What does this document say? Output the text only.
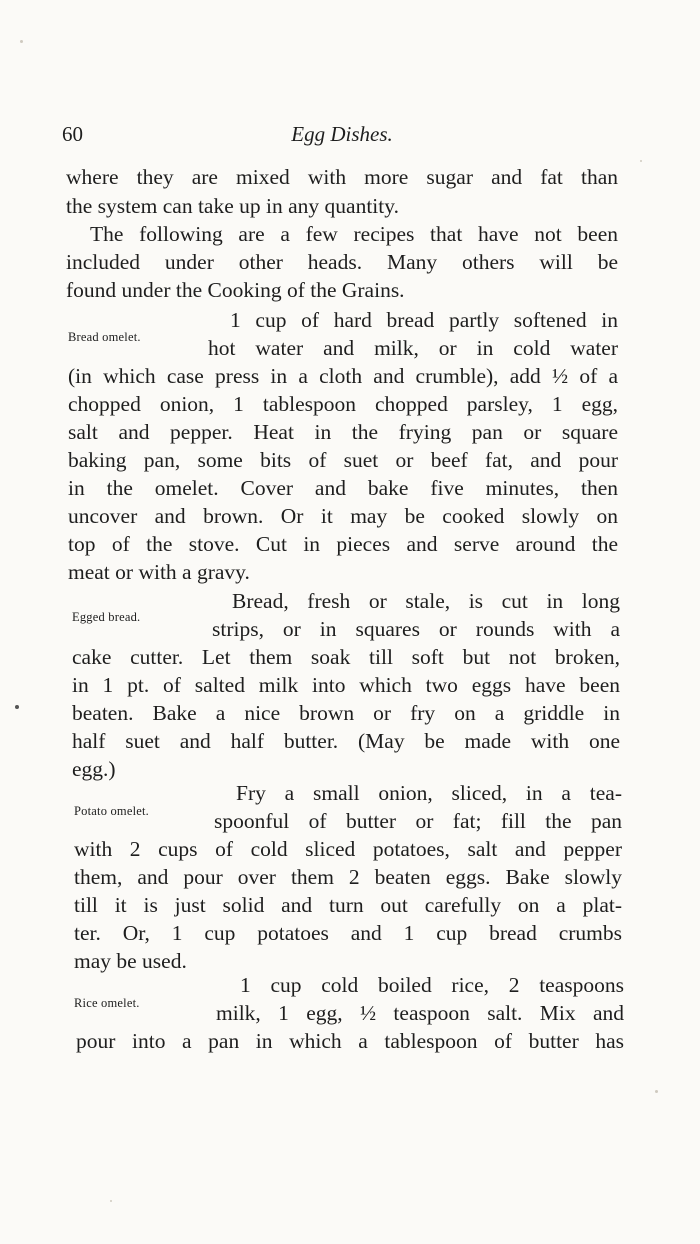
60	Egg Dishes.
where they are mixed with more sugar and fat than
the system can take up in any quantity.
The following are a few recipes that have not been
included under other heads. Many others will be
found under the Cooking of the Grains.
Bread omelet.
1 cup of hard bread partly softened in
hot water and milk, or in cold water
(in which case press in a cloth and crumble), add ½ of a
chopped onion, 1 tablespoon chopped parsley, 1 egg,
salt and pepper. Heat in the frying pan or square
baking pan, some bits of suet or beef fat, and pour
in the omelet. Cover and bake five minutes, then
uncover and brown. Or it may be cooked slowly on
top of the stove. Cut in pieces and serve around the
meat or with a gravy.
Egged bread.
Bread, fresh or stale, is cut in long
strips, or in squares or rounds with a
cake cutter. Let them soak till soft but not broken,
in 1 pt. of salted milk into which two eggs have been
beaten. Bake a nice brown or fry on a griddle in
half suet and half butter. (May be made with one
egg.)
Potato omelet.
Fry a small onion, sliced, in a tea-
spoonful of butter or fat; fill the pan
with 2 cups of cold sliced potatoes, salt and pepper
them, and pour over them 2 beaten eggs. Bake slowly
till it is just solid and turn out carefully on a plat-
ter. Or, 1 cup potatoes and 1 cup bread crumbs
may be used.
Rice omelet.
1 cup cold boiled rice, 2 teaspoons
milk, 1 egg, ½ teaspoon salt. Mix and
pour into a pan in which a tablespoon of butter has
